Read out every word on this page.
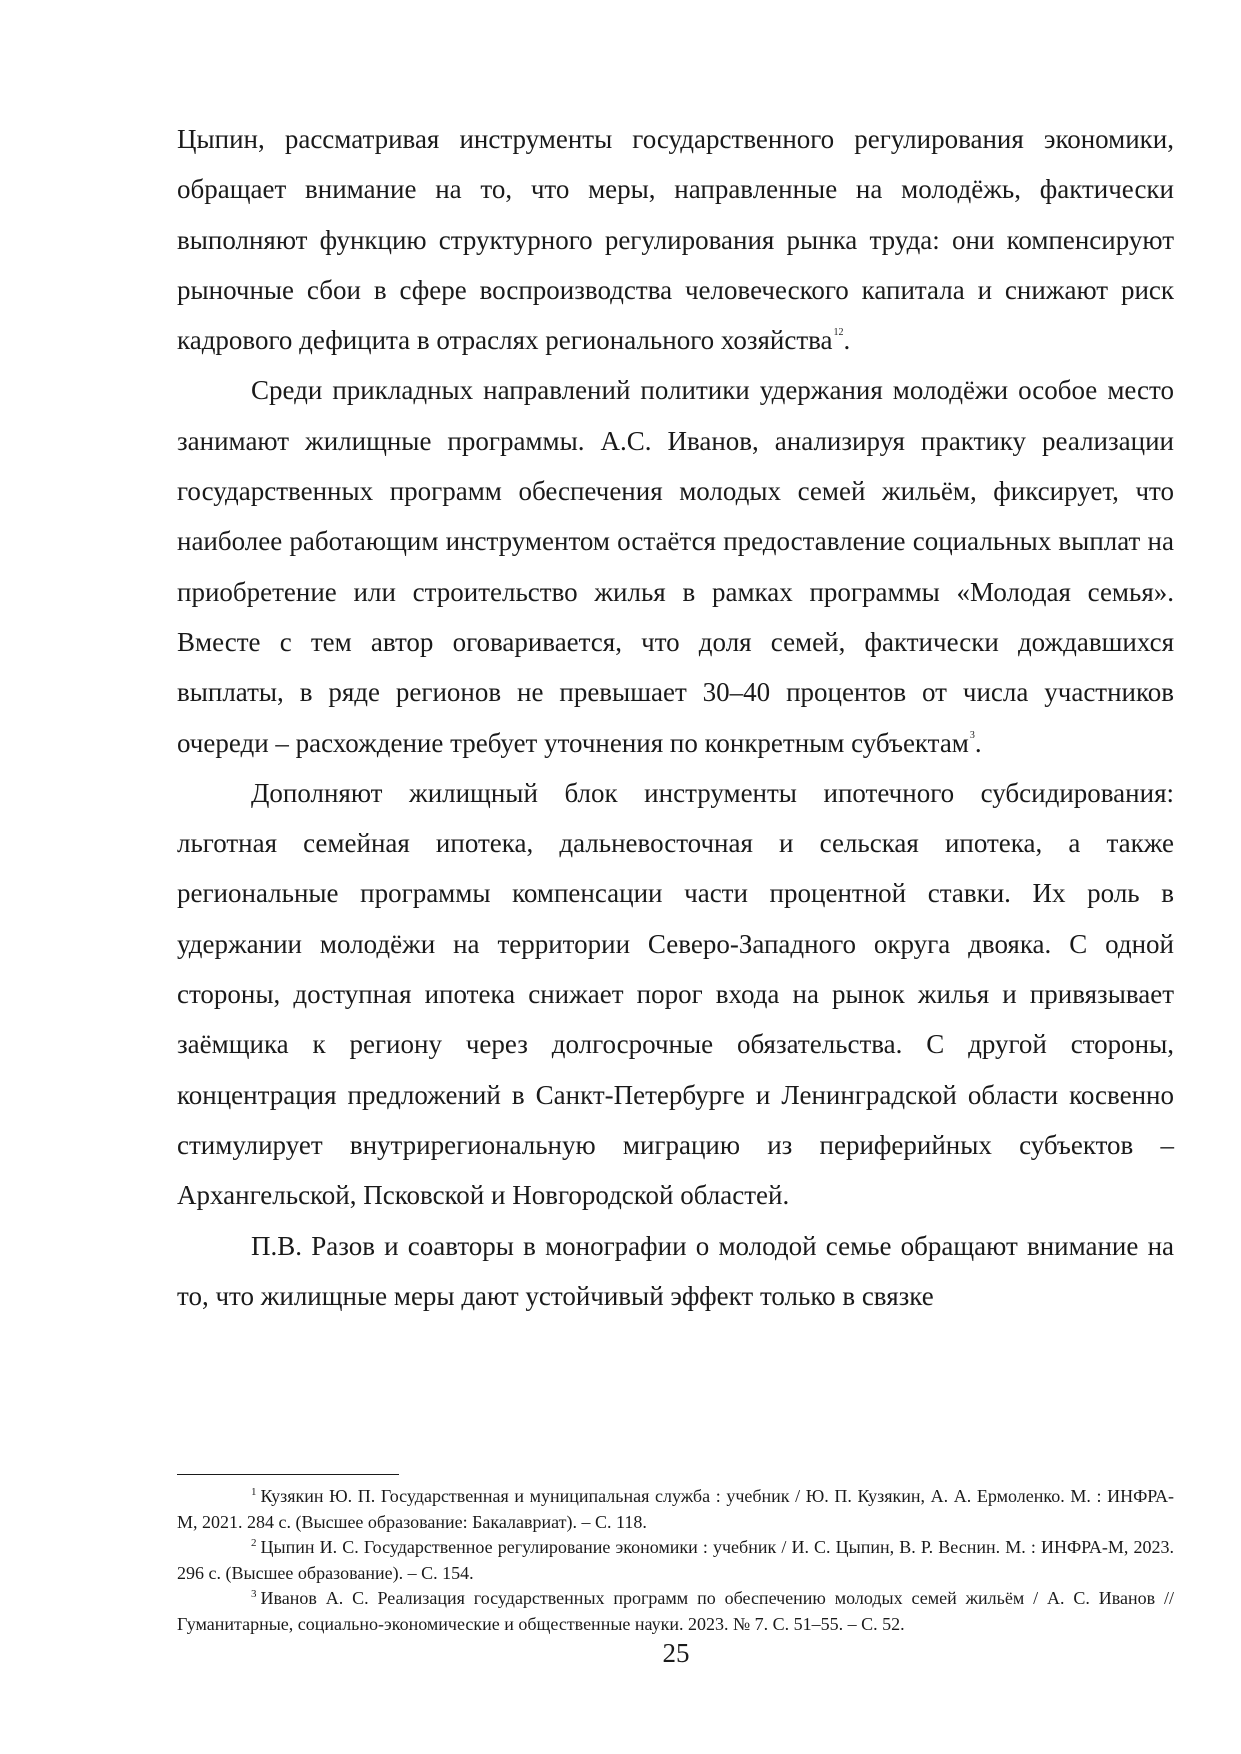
Цыпин, рассматривая инструменты государственного регулирования экономики, обращает внимание на то, что меры, направленные на молодёжь, фактически выполняют функцию структурного регулирования рынка труда: они компенсируют рыночные сбои в сфере воспроизводства человеческого капитала и снижают риск кадрового дефицита в отраслях регионального хозяйства$^{12}$.

Среди прикладных направлений политики удержания молодёжи особое место занимают жилищные программы. А.С. Иванов, анализируя практику реализации государственных программ обеспечения молодых семей жильём, фиксирует, что наиболее работающим инструментом остаётся предоставление социальных выплат на приобретение или строительство жилья в рамках программы «Молодая семья». Вместе с тем автор оговаривается, что доля семей, фактически дождавшихся выплаты, в ряде регионов не превышает 30–40 процентов от числа участников очереди – расхождение требует уточнения по конкретным субъектам$^3$.

Дополняют жилищный блок инструменты ипотечного субсидирования: льготная семейная ипотека, дальневосточная и сельская ипотека, а также региональные программы компенсации части процентной ставки. Их роль в удержании молодёжи на территории Северо-Западного округа двояка. С одной стороны, доступная ипотека снижает порог входа на рынок жилья и привязывает заёмщика к региону через долгосрочные обязательства. С другой стороны, концентрация предложений в Санкт-Петербурге и Ленинградской области косвенно стимулирует внутрирегиональную миграцию из периферийных субъектов – Архангельской, Псковской и Новгородской областей.

П.В. Разов и соавторы в монографии о молодой семье обращают внимание на то, что жилищные меры дают устойчивый эффект только в связке

$^1$ Кузякин Ю. П. Государственная и муниципальная служба : учебник / Ю. П. Кузякин, А. А. Ермоленко. М. : ИНФРА-М, 2021. 284 с. (Высшее образование: Бакалавриат). – С. 118.

$^2$ Цыпин И. С. Государственное регулирование экономики : учебник / И. С. Цыпин, В. Р. Веснин. М. : ИНФРА-М, 2023. 296 с. (Высшее образование). – С. 154.

$^3$ Иванов А. С. Реализация государственных программ по обеспечению молодых семей жильём / А. С. Иванов // Гуманитарные, социально-экономические и общественные науки. 2023. № 7. С. 51–55. – С. 52.

25
